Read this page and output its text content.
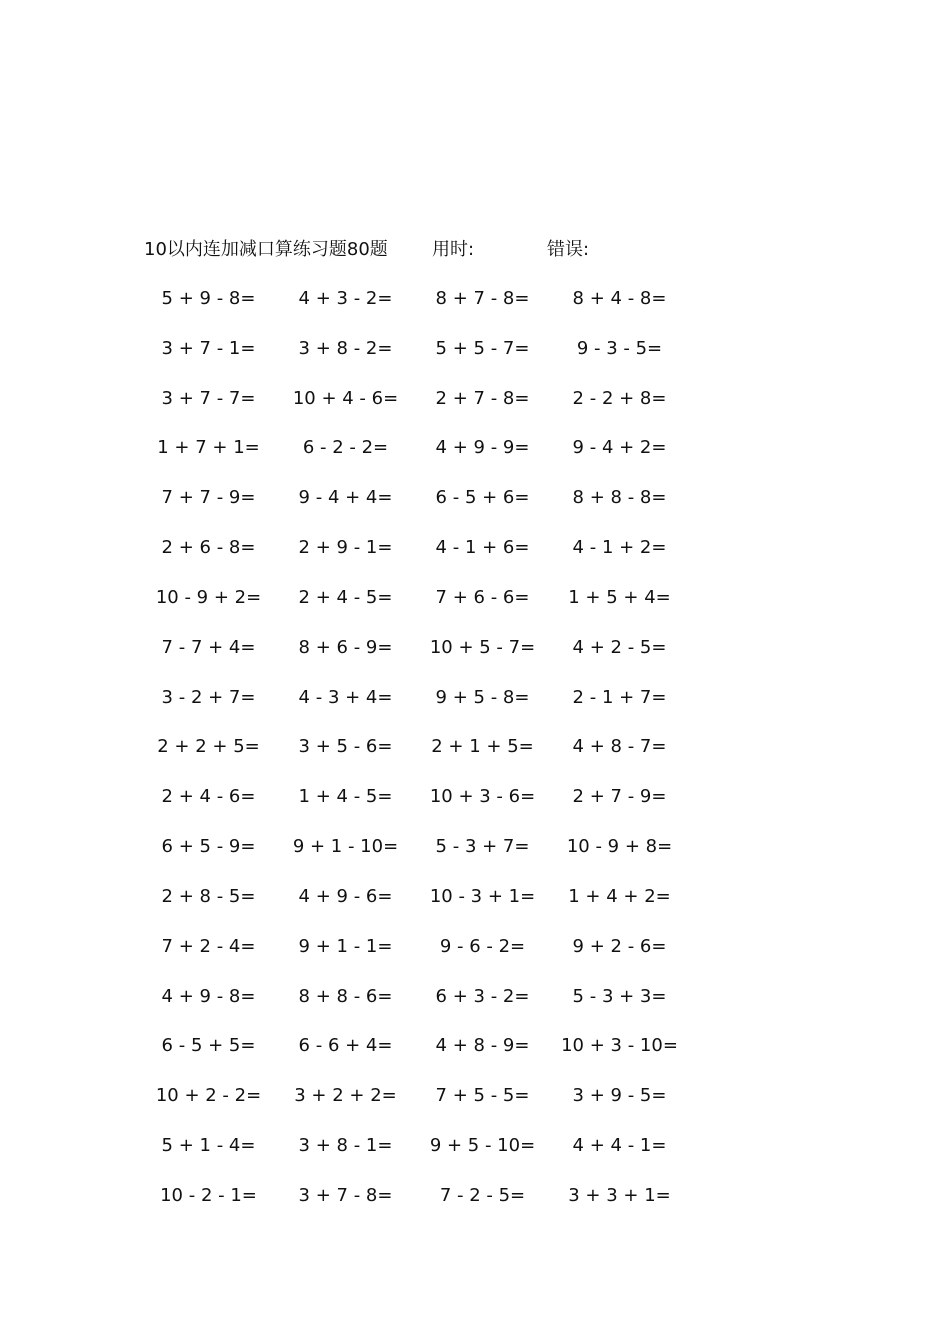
10以内连加减口算练习题80题 用时:	错误:
5 + 9 - 8=	4 + 3 - 2=	8 + 7 - 8=	8 + 4 - 8=
3 + 7 - 1=	3 + 8 - 2=	5 + 5 - 7=	9 - 3 - 5=
3 + 7 - 7=	10 + 4 - 6=	2 + 7 - 8=	2 - 2 + 8=
1 + 7 + 1=	6 - 2 - 2=	4 + 9 - 9=	9 - 4 + 2=
7 + 7 - 9=	9 - 4 + 4=	6 - 5 + 6=	8 + 8 - 8=
2 + 6 - 8=	2 + 9 - 1=	4 - 1 + 6=	4 - 1 + 2=
10 - 9 + 2=	2 + 4 - 5=	7 + 6 - 6=	1 + 5 + 4=
7 - 7 + 4=	8 + 6 - 9=	10 + 5 - 7=	4 + 2 - 5=
3 - 2 + 7=	4 - 3 + 4=	9 + 5 - 8=	2 - 1 + 7=
2 + 2 + 5=	3 + 5 - 6=	2 + 1 + 5=	4 + 8 - 7=
2 + 4 - 6=	1 + 4 - 5=	10 + 3 - 6=	2 + 7 - 9=
6 + 5 - 9=	9 + 1 - 10=	5 - 3 + 7=	10 - 9 + 8=
2 + 8 - 5=	4 + 9 - 6=	10 - 3 + 1=	1 + 4 + 2=
7 + 2 - 4=	9 + 1 - 1=	9 - 6 - 2=	9 + 2 - 6=
4 + 9 - 8=	8 + 8 - 6=	6 + 3 - 2=	5 - 3 + 3=
6 - 5 + 5=	6 - 6 + 4=	4 + 8 - 9=	10 + 3 - 10=
10 + 2 - 2=	3 + 2 + 2=	7 + 5 - 5=	3 + 9 - 5=
5 + 1 - 4=	3 + 8 - 1=	9 + 5 - 10=	4 + 4 - 1=
10 - 2 - 1=	3 + 7 - 8=	7 - 2 - 5=	3 + 3 + 1=
